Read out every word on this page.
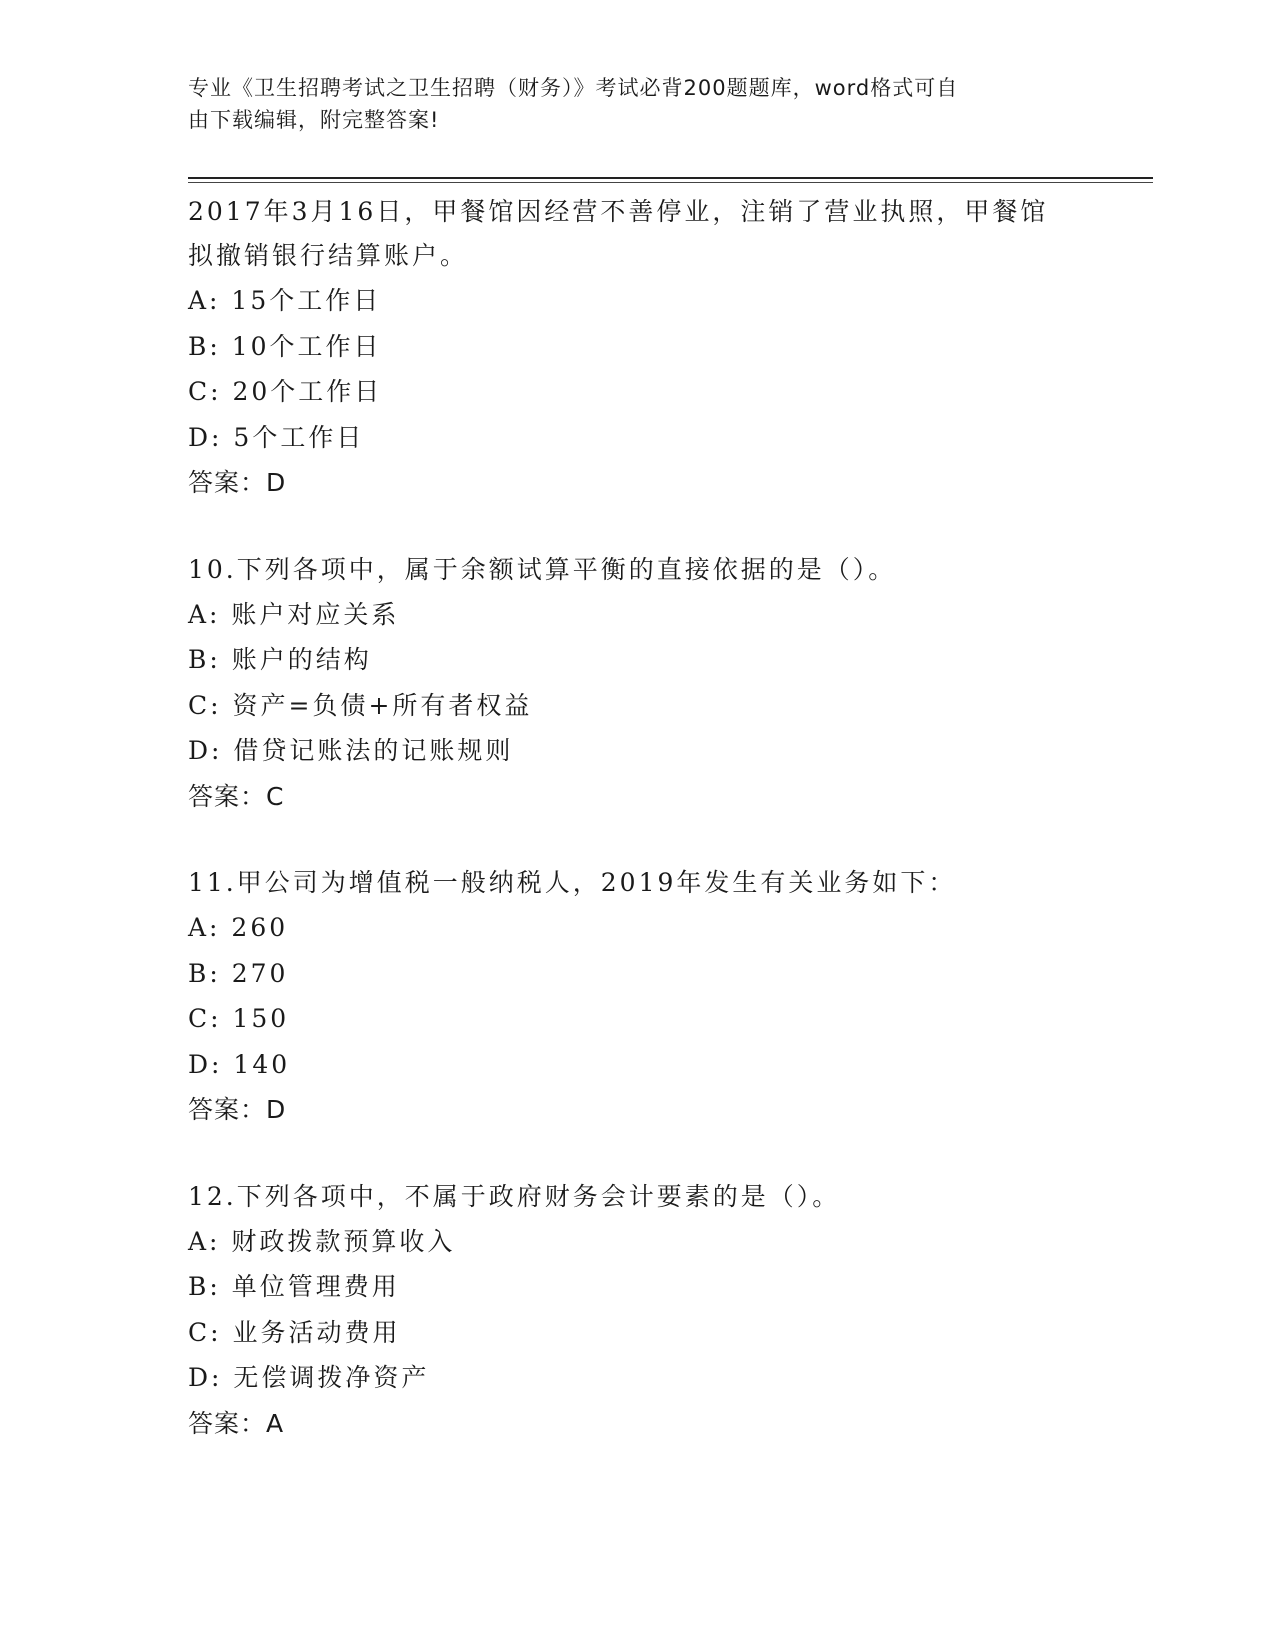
专业《卫生招聘考试之卫生招聘（财务）》考试必背200题题库，word格式可自
由下载编辑，附完整答案!
2017年3月16日，甲餐馆因经营不善停业，注销了营业执照，甲餐馆
拟撤销银行结算账户。
A: 15个工作日
B: 10个工作日
C: 20个工作日
D: 5个工作日
答案：D
10.下列各项中，属于余额试算平衡的直接依据的是（）。
A: 账户对应关系
B: 账户的结构
C: 资产=负债+所有者权益
D: 借贷记账法的记账规则
答案：C
11.甲公司为增值税一般纳税人，2019年发生有关业务如下：
A: 260
B: 270
C: 150
D: 140
答案：D
12.下列各项中，不属于政府财务会计要素的是（）。
A: 财政拨款预算收入
B: 单位管理费用
C: 业务活动费用
D: 无偿调拨净资产
答案：A
